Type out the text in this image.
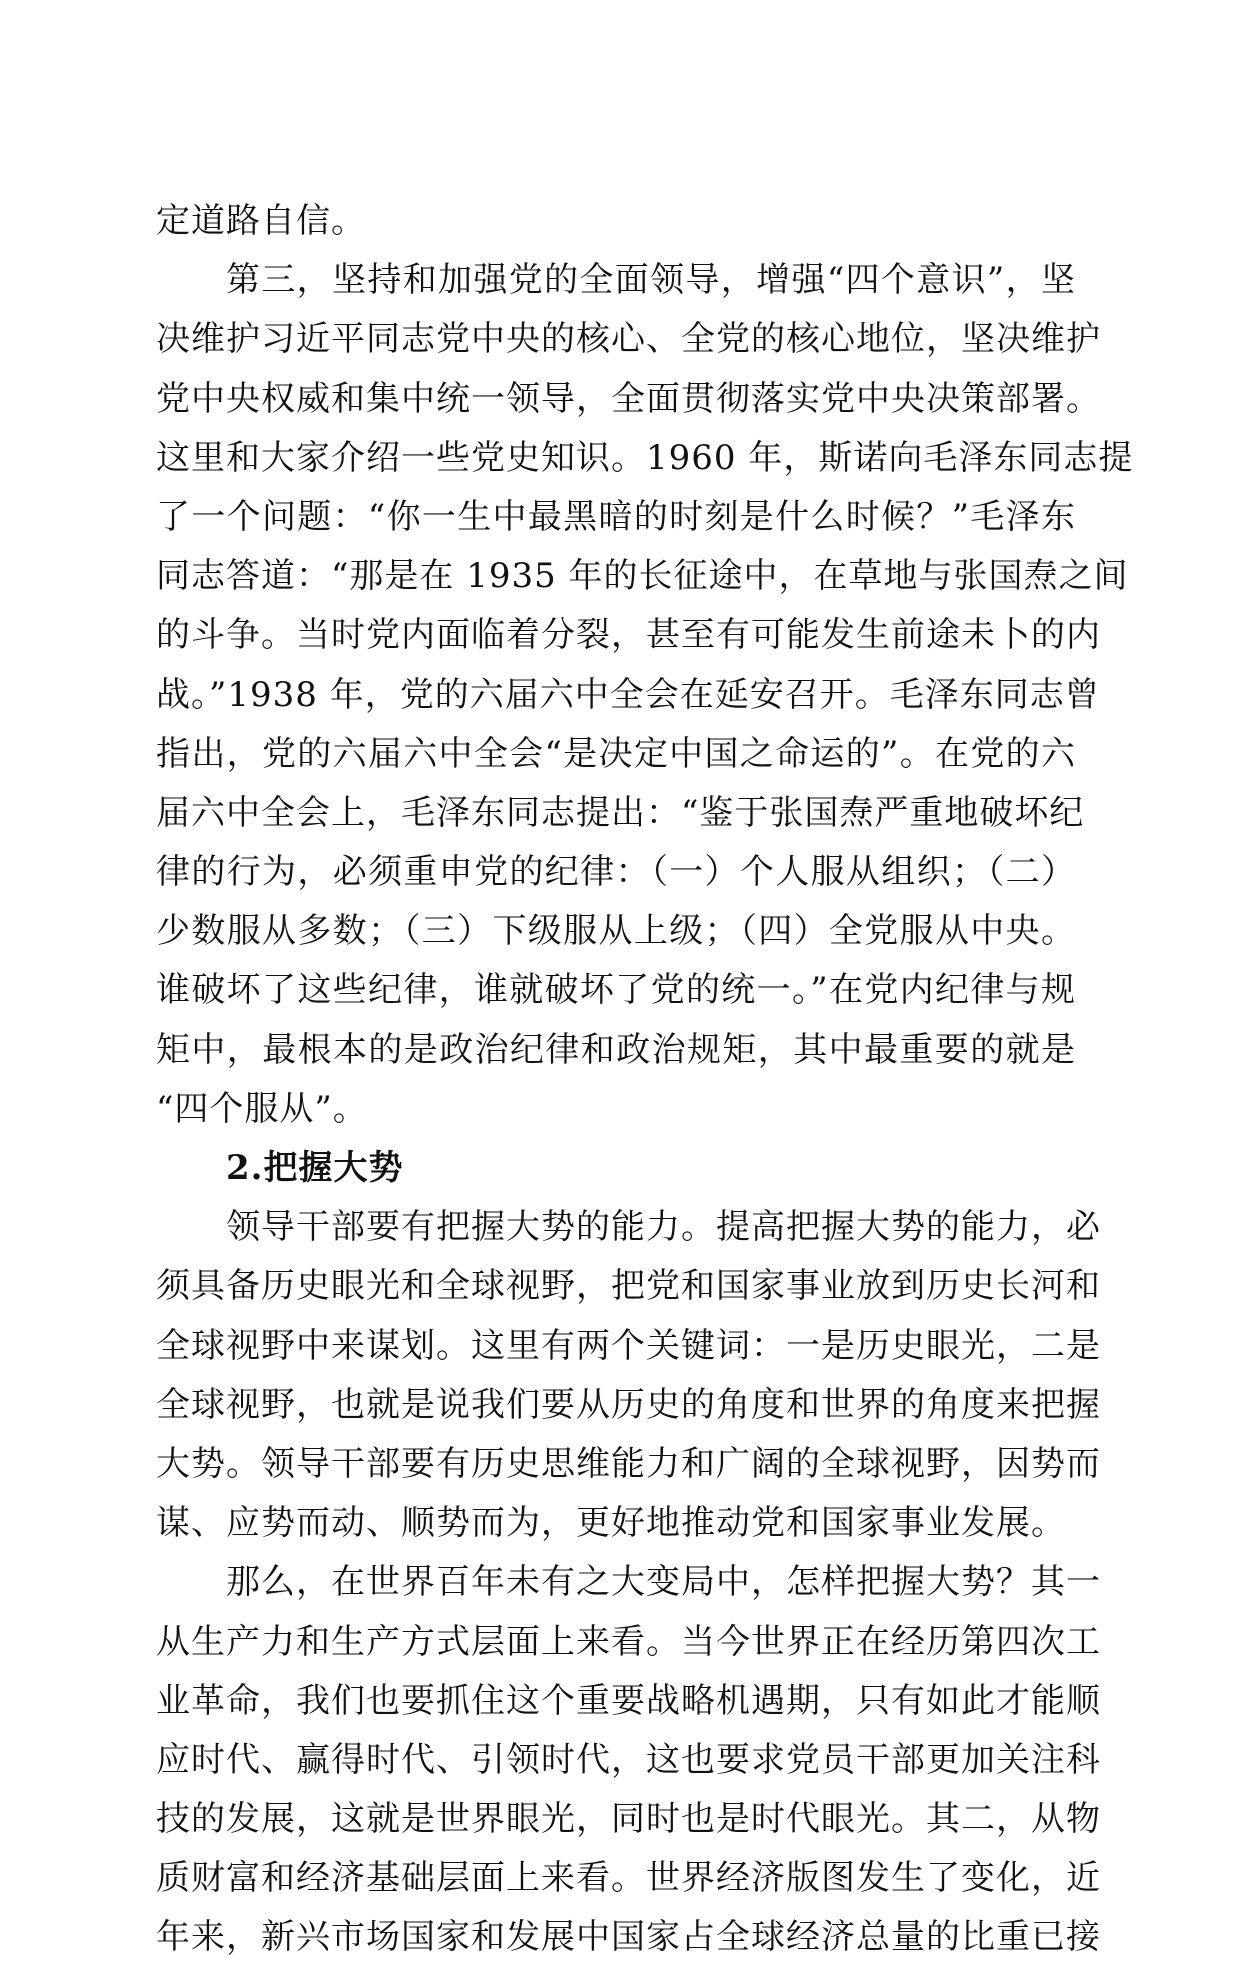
定道路自信。
第三，坚持和加强党的全面领导，增强“四个意识”，坚
决维护习近平同志党中央的核心、全党的核心地位，坚决维护
党中央权威和集中统一领导，全面贯彻落实党中央决策部署。
这里和大家介绍一些党史知识。1960 年，斯诺向毛泽东同志提
了一个问题：“你一生中最黑暗的时刻是什么时候？”毛泽东
同志答道：“那是在 1935 年的长征途中，在草地与张国焘之间
的斗争。当时党内面临着分裂，甚至有可能发生前途未卜的内
战。”1938 年，党的六届六中全会在延安召开。毛泽东同志曾
指出，党的六届六中全会“是决定中国之命运的”。在党的六
届六中全会上，毛泽东同志提出：“鉴于张国焘严重地破坏纪
律的行为，必须重申党的纪律：（一）个人服从组织；（二）
少数服从多数；（三）下级服从上级；（四）全党服从中央。
谁破坏了这些纪律，谁就破坏了党的统一。”在党内纪律与规
矩中，最根本的是政治纪律和政治规矩，其中最重要的就是
“四个服从”。
2.把握大势
领导干部要有把握大势的能力。提高把握大势的能力，必
须具备历史眼光和全球视野，把党和国家事业放到历史长河和
全球视野中来谋划。这里有两个关键词：一是历史眼光，二是
全球视野，也就是说我们要从历史的角度和世界的角度来把握
大势。领导干部要有历史思维能力和广阔的全球视野，因势而
谋、应势而动、顺势而为，更好地推动党和国家事业发展。
那么，在世界百年未有之大变局中，怎样把握大势？其一
从生产力和生产方式层面上来看。当今世界正在经历第四次工
业革命，我们也要抓住这个重要战略机遇期，只有如此才能顺
应时代、赢得时代、引领时代，这也要求党员干部更加关注科
技的发展，这就是世界眼光，同时也是时代眼光。其二，从物
质财富和经济基础层面上来看。世界经济版图发生了变化，近
年来，新兴市场国家和发展中国家占全球经济总量的比重已接
